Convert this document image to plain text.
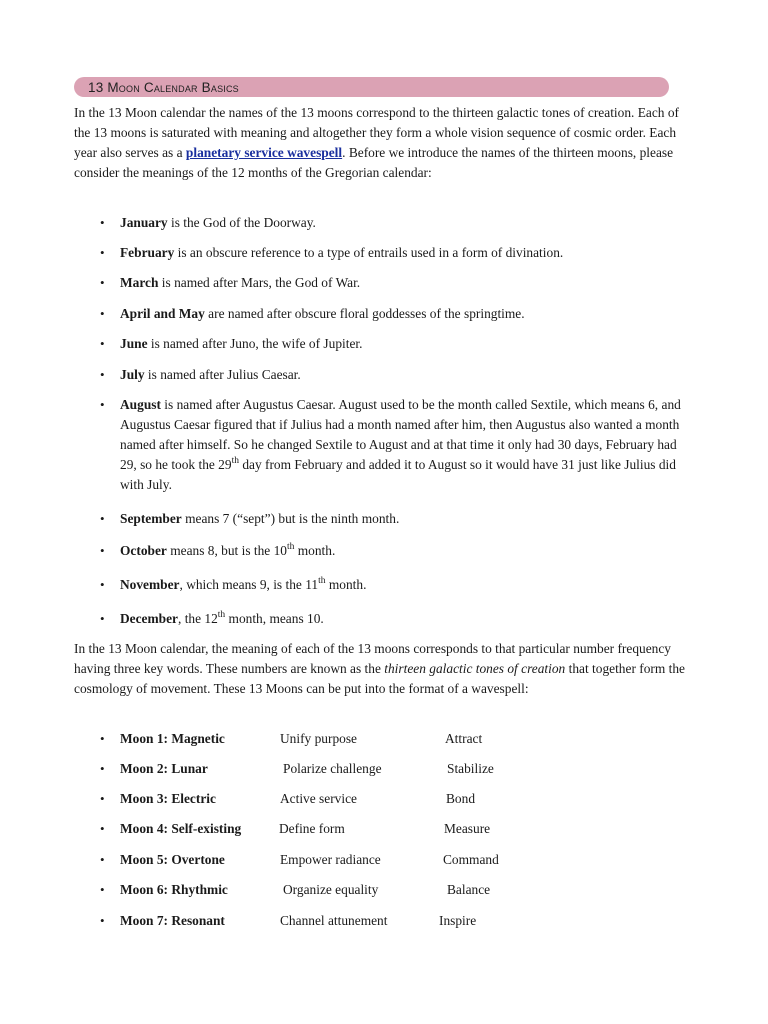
13 Moon Calendar Basics

In the 13 Moon calendar the names of the 13 moons correspond to the thirteen galactic tones of creation. Each of the 13 moons is saturated with meaning and altogether they form a whole vision sequence of cosmic order. Each year also serves as a planetary service wavespell. Before we introduce the names of the thirteen moons, please consider the meanings of the 12 months of the Gregorian calendar:

• January is the God of the Doorway.
• February is an obscure reference to a type of entrails used in a form of divination.
• March is named after Mars, the God of War.
• April and May are named after obscure floral goddesses of the springtime.
• June is named after Juno, the wife of Jupiter.
• July is named after Julius Caesar.
• August is named after Augustus Caesar. August used to be the month called Sextile, which means 6, and Augustus Caesar figured that if Julius had a month named after him, then Augustus also wanted a month named after himself. So he changed Sextile to August and at that time it only had 30 days, February had 29, so he took the 29th day from February and added it to August so it would have 31 just like Julius did with July.
• September means 7 (“sept”) but is the ninth month.
• October means 8, but is the 10th month.
• November, which means 9, is the 11th month.
• December, the 12th month, means 10.

In the 13 Moon calendar, the meaning of each of the 13 moons corresponds to that particular number frequency having three key words. These numbers are known as the thirteen galactic tones of creation that together form the cosmology of movement. These 13 Moons can be put into the format of a wavespell:

• Moon 1: Magnetic	Unify purpose	Attract
• Moon 2: Lunar	Polarize challenge	Stabilize
• Moon 3: Electric	Active service	Bond
• Moon 4: Self-existing	Define form	Measure
• Moon 5: Overtone	Empower radiance	Command
• Moon 6: Rhythmic	Organize equality	Balance
• Moon 7: Resonant	Channel attunement	Inspire
